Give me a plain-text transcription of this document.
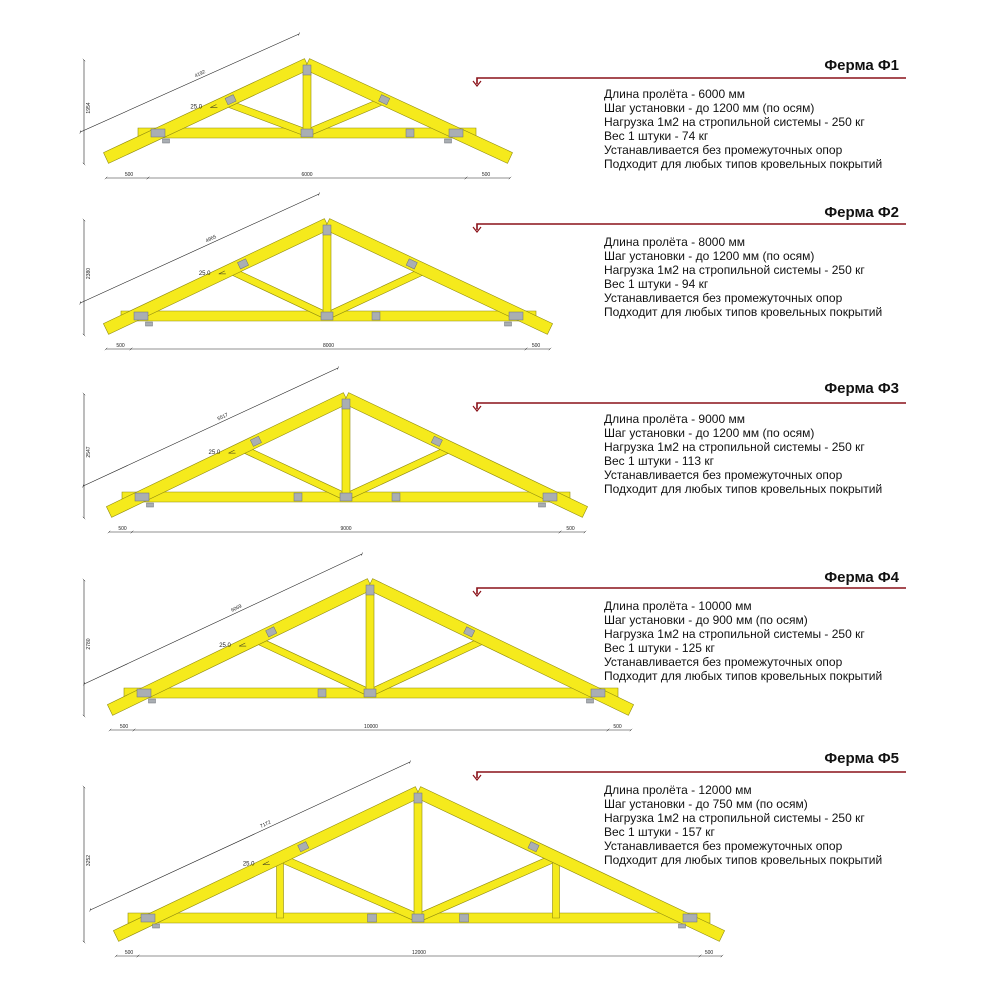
1954
4192
25.0
500	6000	500
Ферма Ф1
Длина пролёта - 6000 мм
Шаг установки - до 1200 мм (по осям)
Нагрузка 1м2 на стропильной системы - 250 кг
Вес 1 штуки - 74 кг
Устанавливается без промежуточных опор
Подходит для любых типов кровельных покрытий
2380
4965
25.0
500	8000	500
Ферма Ф2
Длина пролёта - 8000 мм
Шаг установки - до 1200 мм (по осям)
Нагрузка 1м2 на стропильной системы - 250 кг
Вес 1 штуки - 94 кг
Устанавливается без промежуточных опор
Подходит для любых типов кровельных покрытий
2547
5517
25.0
500	9000	500
Ферма Ф3
Длина пролёта - 9000 мм
Шаг установки - до 1200 мм (по осям)
Нагрузка 1м2 на стропильной системы - 250 кг
Вес 1 штуки - 113 кг
Устанавливается без промежуточных опор
Подходит для любых типов кровельных покрытий
2780
6069
25.0
500	10000	500
Ферма Ф4
Длина пролёта - 10000 мм
Шаг установки - до 900 мм (по осям)
Нагрузка 1м2 на стропильной системы - 250 кг
Вес 1 штуки - 125 кг
Устанавливается без промежуточных опор
Подходит для любых типов кровельных покрытий
3252
7172
25.0
500	12000	500
Ферма Ф5
Длина пролёта - 12000 мм
Шаг установки - до 750 мм (по осям)
Нагрузка 1м2 на стропильной системы - 250 кг
Вес 1 штуки - 157 кг
Устанавливается без промежуточных опор
Подходит для любых типов кровельных покрытий
